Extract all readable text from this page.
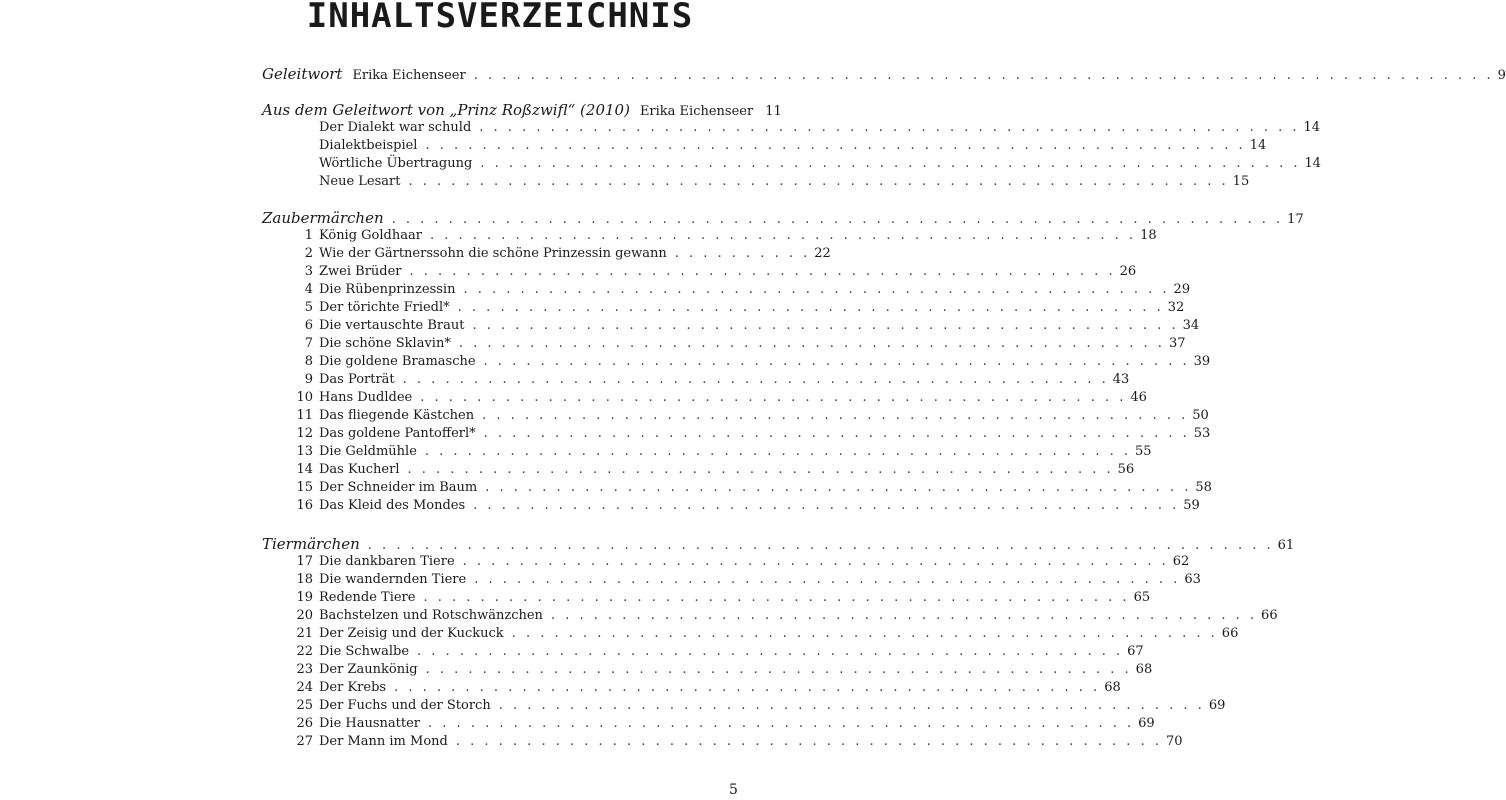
INHALTSVERZEICHNIS
Geleitwort Erika Eichenseer . . . . . . . . . . . . . . . . . . . . . . . . . . . . . . . . . . . . . . . . . . . . . . . . . . . . . . . . . . . . . . . . . . . . . . . . 9
Aus dem Geleitwort von „Prinz Roßzwifl“ (2010) Erika Eichenseer 11
Der Dialekt war schuld . . . . . . . . . . . . . . . . . . . . . . . . . . . . . . . . . . . . . . . . . . . . . . . . . . . . . . . . . . 14
Dialektbeispiel . . . . . . . . . . . . . . . . . . . . . . . . . . . . . . . . . . . . . . . . . . . . . . . . . . . . . . . . . . 14
Wörtliche Übertragung . . . . . . . . . . . . . . . . . . . . . . . . . . . . . . . . . . . . . . . . . . . . . . . . . . . . . . . . . . 14
Neue Lesart . . . . . . . . . . . . . . . . . . . . . . . . . . . . . . . . . . . . . . . . . . . . . . . . . . . . . . . . . . 15
Zaubermärchen . . . . . . . . . . . . . . . . . . . . . . . . . . . . . . . . . . . . . . . . . . . . . . . . . . . . . . . . . . . . . . . 17
1 König Goldhaar . . . . . . . . . . . . . . . . . . . . . . . . . . . . . . . . . . . . . . . . . . . . . . . . . . 18
2 Wie der Gärtnerssohn die schöne Prinzessin gewann . . . . . . . . . . 22
3 Zwei Brüder . . . . . . . . . . . . . . . . . . . . . . . . . . . . . . . . . . . . . . . . . . . . . . . . . . 26
4 Die Rübenprinzessin . . . . . . . . . . . . . . . . . . . . . . . . . . . . . . . . . . . . . . . . . . . . . . . . . . 29
5 Der törichte Friedl* . . . . . . . . . . . . . . . . . . . . . . . . . . . . . . . . . . . . . . . . . . . . . . . . . . 32
6 Die vertauschte Braut . . . . . . . . . . . . . . . . . . . . . . . . . . . . . . . . . . . . . . . . . . . . . . . . . . 34
7 Die schöne Sklavin* . . . . . . . . . . . . . . . . . . . . . . . . . . . . . . . . . . . . . . . . . . . . . . . . . . 37
8 Die goldene Bramasche . . . . . . . . . . . . . . . . . . . . . . . . . . . . . . . . . . . . . . . . . . . . . . . . . . 39
9 Das Porträt . . . . . . . . . . . . . . . . . . . . . . . . . . . . . . . . . . . . . . . . . . . . . . . . . . 43
10 Hans Dudldee . . . . . . . . . . . . . . . . . . . . . . . . . . . . . . . . . . . . . . . . . . . . . . . . . . 46
11 Das fliegende Kästchen . . . . . . . . . . . . . . . . . . . . . . . . . . . . . . . . . . . . . . . . . . . . . . . . . . 50
12 Das goldene Pantofferl* . . . . . . . . . . . . . . . . . . . . . . . . . . . . . . . . . . . . . . . . . . . . . . . . . . 53
13 Die Geldmühle . . . . . . . . . . . . . . . . . . . . . . . . . . . . . . . . . . . . . . . . . . . . . . . . . . 55
14 Das Kucherl . . . . . . . . . . . . . . . . . . . . . . . . . . . . . . . . . . . . . . . . . . . . . . . . . . 56
15 Der Schneider im Baum . . . . . . . . . . . . . . . . . . . . . . . . . . . . . . . . . . . . . . . . . . . . . . . . . . 58
16 Das Kleid des Mondes . . . . . . . . . . . . . . . . . . . . . . . . . . . . . . . . . . . . . . . . . . . . . . . . . . 59
Tiermärchen . . . . . . . . . . . . . . . . . . . . . . . . . . . . . . . . . . . . . . . . . . . . . . . . . . . . . . . . . . . . . . . . 61
17 Die dankbaren Tiere . . . . . . . . . . . . . . . . . . . . . . . . . . . . . . . . . . . . . . . . . . . . . . . . . . 62
18 Die wandernden Tiere . . . . . . . . . . . . . . . . . . . . . . . . . . . . . . . . . . . . . . . . . . . . . . . . . . 63
19 Redende Tiere . . . . . . . . . . . . . . . . . . . . . . . . . . . . . . . . . . . . . . . . . . . . . . . . . . 65
20 Bachstelzen und Rotschwänzchen . . . . . . . . . . . . . . . . . . . . . . . . . . . . . . . . . . . . . . . . . . . . . . . . . . 66
21 Der Zeisig und der Kuckuck . . . . . . . . . . . . . . . . . . . . . . . . . . . . . . . . . . . . . . . . . . . . . . . . . . 66
22 Die Schwalbe . . . . . . . . . . . . . . . . . . . . . . . . . . . . . . . . . . . . . . . . . . . . . . . . . . 67
23 Der Zaunkönig . . . . . . . . . . . . . . . . . . . . . . . . . . . . . . . . . . . . . . . . . . . . . . . . . . 68
24 Der Krebs . . . . . . . . . . . . . . . . . . . . . . . . . . . . . . . . . . . . . . . . . . . . . . . . . . 68
25 Der Fuchs und der Storch . . . . . . . . . . . . . . . . . . . . . . . . . . . . . . . . . . . . . . . . . . . . . . . . . . 69
26 Die Hausnatter . . . . . . . . . . . . . . . . . . . . . . . . . . . . . . . . . . . . . . . . . . . . . . . . . . 69
27 Der Mann im Mond . . . . . . . . . . . . . . . . . . . . . . . . . . . . . . . . . . . . . . . . . . . . . . . . . . 70

5
